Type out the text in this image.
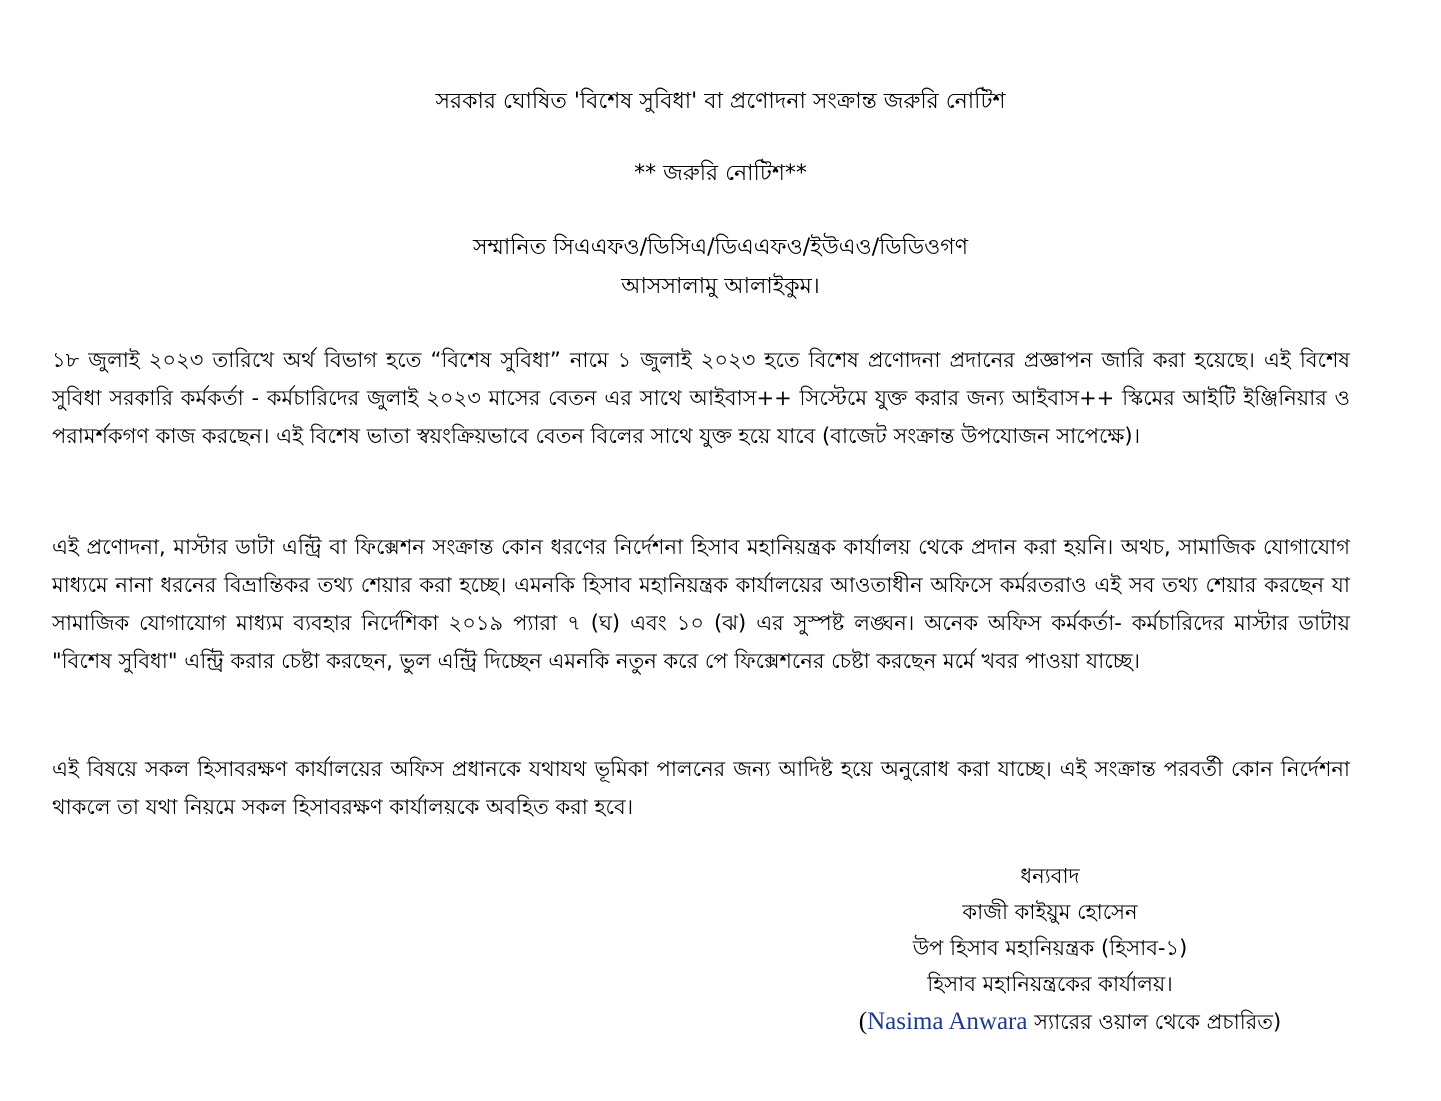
সরকার ঘোষিত 'বিশেষ সুবিধা' বা প্রণোদনা সংক্রান্ত জরুরি নোটিশ
** জরুরি নোটিশ**
সম্মানিত সিএএফও/ডিসিএ/ডিএএফও/ইউএও/ডিডিওগণ
আসসালামু আলাইকুম।

১৮ জুলাই ২০২৩ তারিখে অর্থ বিভাগ হতে “বিশেষ সুবিধা” নামে ১ জুলাই ২০২৩ হতে বিশেষ প্রণোদনা প্রদানের প্রজ্ঞাপন জারি করা হয়েছে। এই বিশেষ সুবিধা সরকারি কর্মকর্তা - কর্মচারিদের জুলাই ২০২৩ মাসের বেতন এর সাথে আইবাস++ সিস্টেমে যুক্ত করার জন্য আইবাস++ স্কিমের আইটি ইঞ্জিনিয়ার ও পরামর্শকগণ কাজ করছেন। এই বিশেষ ভাতা স্বয়ংক্রিয়ভাবে বেতন বিলের সাথে যুক্ত হয়ে যাবে (বাজেট সংক্রান্ত উপযোজন সাপেক্ষে)।

এই প্রণোদনা, মাস্টার ডাটা এন্ট্রি বা ফিক্সেশন সংক্রান্ত কোন ধরণের নির্দেশনা হিসাব মহানিয়ন্ত্রক কার্যালয় থেকে প্রদান করা হয়নি। অথচ, সামাজিক যোগাযোগ মাধ্যমে নানা ধরনের বিভ্রান্তিকর তথ্য শেয়ার করা হচ্ছে। এমনকি হিসাব মহানিয়ন্ত্রক কার্যালয়ের আওতাধীন অফিসে কর্মরতরাও এই সব তথ্য শেয়ার করছেন যা সামাজিক যোগাযোগ মাধ্যম ব্যবহার নির্দেশিকা ২০১৯ প্যারা ৭ (ঘ) এবং ১০ (ঝ) এর সুস্পষ্ট লঙ্ঘন। অনেক অফিস কর্মকর্তা- কর্মচারিদের মাস্টার ডাটায় "বিশেষ সুবিধা" এন্ট্রি করার চেষ্টা করছেন, ভুল এন্ট্রি দিচ্ছেন এমনকি নতুন করে পে ফিক্সেশনের চেষ্টা করছেন মর্মে খবর পাওয়া যাচ্ছে।

এই বিষয়ে সকল হিসাবরক্ষণ কার্যালয়ের অফিস প্রধানকে যথাযথ ভূমিকা পালনের জন্য আদিষ্ট হয়ে অনুরোধ করা যাচ্ছে। এই সংক্রান্ত পরবর্তী কোন নির্দেশনা থাকলে তা যথা নিয়মে সকল হিসাবরক্ষণ কার্যালয়কে অবহিত করা হবে।

ধন্যবাদ
কাজী কাইয়ুম হোসেন
উপ হিসাব মহানিয়ন্ত্রক (হিসাব-১)
হিসাব মহানিয়ন্ত্রকের কার্যালয়।
(Nasima Anwara স্যারের ওয়াল থেকে প্রচারিত)
